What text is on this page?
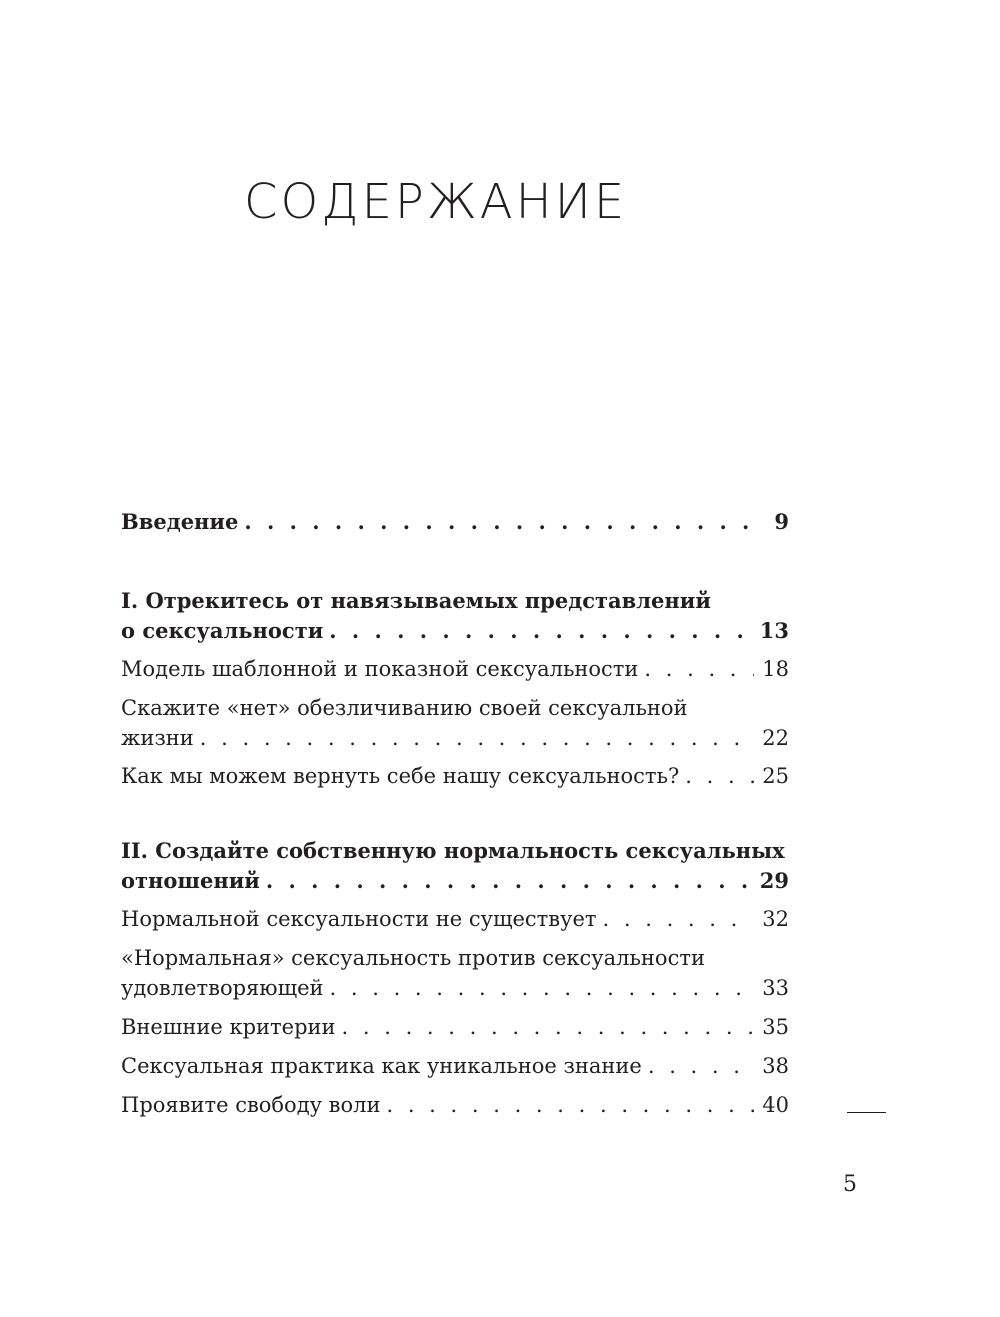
СОДЕРЖАНИЕ
Введение . . .	9
I. Отрекитесь от навязываемых представлений
о сексуальности . . .	13
Модель шаблонной и показной сексуальности . . .	18
Скажите «нет» обезличиванию своей сексуальной
жизни . . .	22
Как мы можем вернуть себе нашу сексуальность? . . .	25
II. Создайте собственную нормальность сексуальных
отношений . . .	29
Нормальной сексуальности не существует . . .	32
«Нормальная» сексуальность против сексуальности
удовлетворяющей . . .	33
Внешние критерии . . .	35
Сексуальная практика как уникальное знание . . .	38
Проявите свободу воли . . .	40
5
